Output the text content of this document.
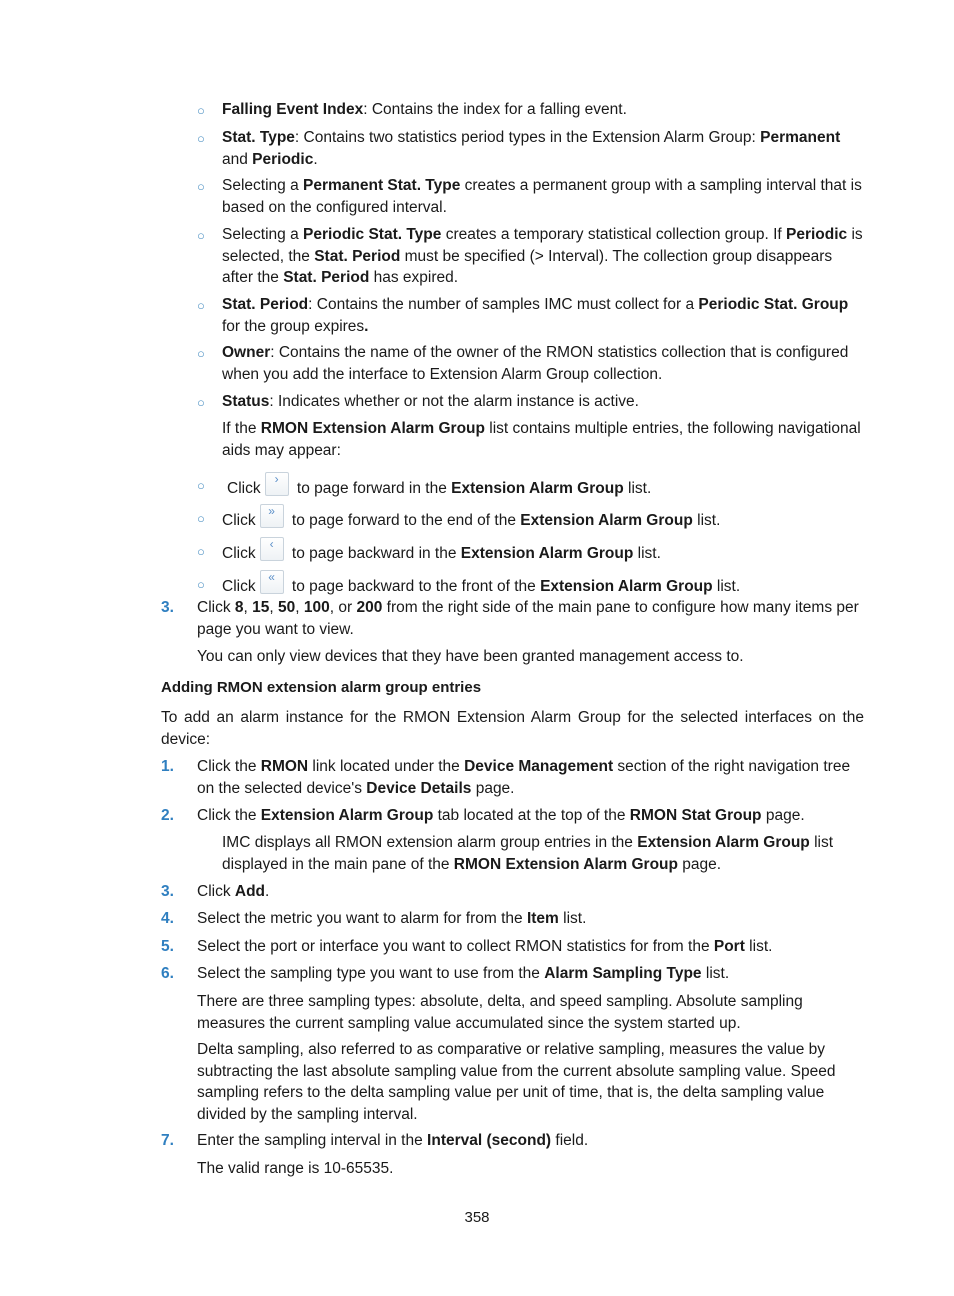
○ Falling Event Index: Contains the index for a falling event.
○ Stat. Type: Contains two statistics period types in the Extension Alarm Group: Permanent and Periodic.
○ Selecting a Permanent Stat. Type creates a permanent group with a sampling interval that is based on the configured interval.
○ Selecting a Periodic Stat. Type creates a temporary statistical collection group. If Periodic is selected, the Stat. Period must be specified (> Interval). The collection group disappears after the Stat. Period has expired.
○ Stat. Period: Contains the number of samples IMC must collect for a Periodic Stat. Group for the group expires.
○ Owner: Contains the name of the owner of the RMON statistics collection that is configured when you add the interface to Extension Alarm Group collection.
○ Status: Indicates whether or not the alarm instance is active.
If the RMON Extension Alarm Group list contains multiple entries, the following navigational aids may appear:
○ Click
›
to page forward in the Extension Alarm Group list.
○ Click
»
to page forward to the end of the Extension Alarm Group list.
○ Click
‹
to page backward in the Extension Alarm Group list.
○ Click
«
to page backward to the front of the Extension Alarm Group list.
3. Click 8, 15, 50, 100, or 200 from the right side of the main pane to configure how many items per page you want to view.
You can only view devices that they have been granted management access to.
Adding RMON extension alarm group entries
To add an alarm instance for the RMON Extension Alarm Group for the selected interfaces on the device:
1. Click the RMON link located under the Device Management section of the right navigation tree on the selected device's Device Details page.
2. Click the Extension Alarm Group tab located at the top of the RMON Stat Group page.
IMC displays all RMON extension alarm group entries in the Extension Alarm Group list displayed in the main pane of the RMON Extension Alarm Group page.
3. Click Add.
4. Select the metric you want to alarm for from the Item list.
5. Select the port or interface you want to collect RMON statistics for from the Port list.
6. Select the sampling type you want to use from the Alarm Sampling Type list.
There are three sampling types: absolute, delta, and speed sampling. Absolute sampling measures the current sampling value accumulated since the system started up.
Delta sampling, also referred to as comparative or relative sampling, measures the value by subtracting the last absolute sampling value from the current absolute sampling value. Speed sampling refers to the delta sampling value per unit of time, that is, the delta sampling value divided by the sampling interval.
7. Enter the sampling interval in the Interval (second) field.
The valid range is 10-65535.
358
